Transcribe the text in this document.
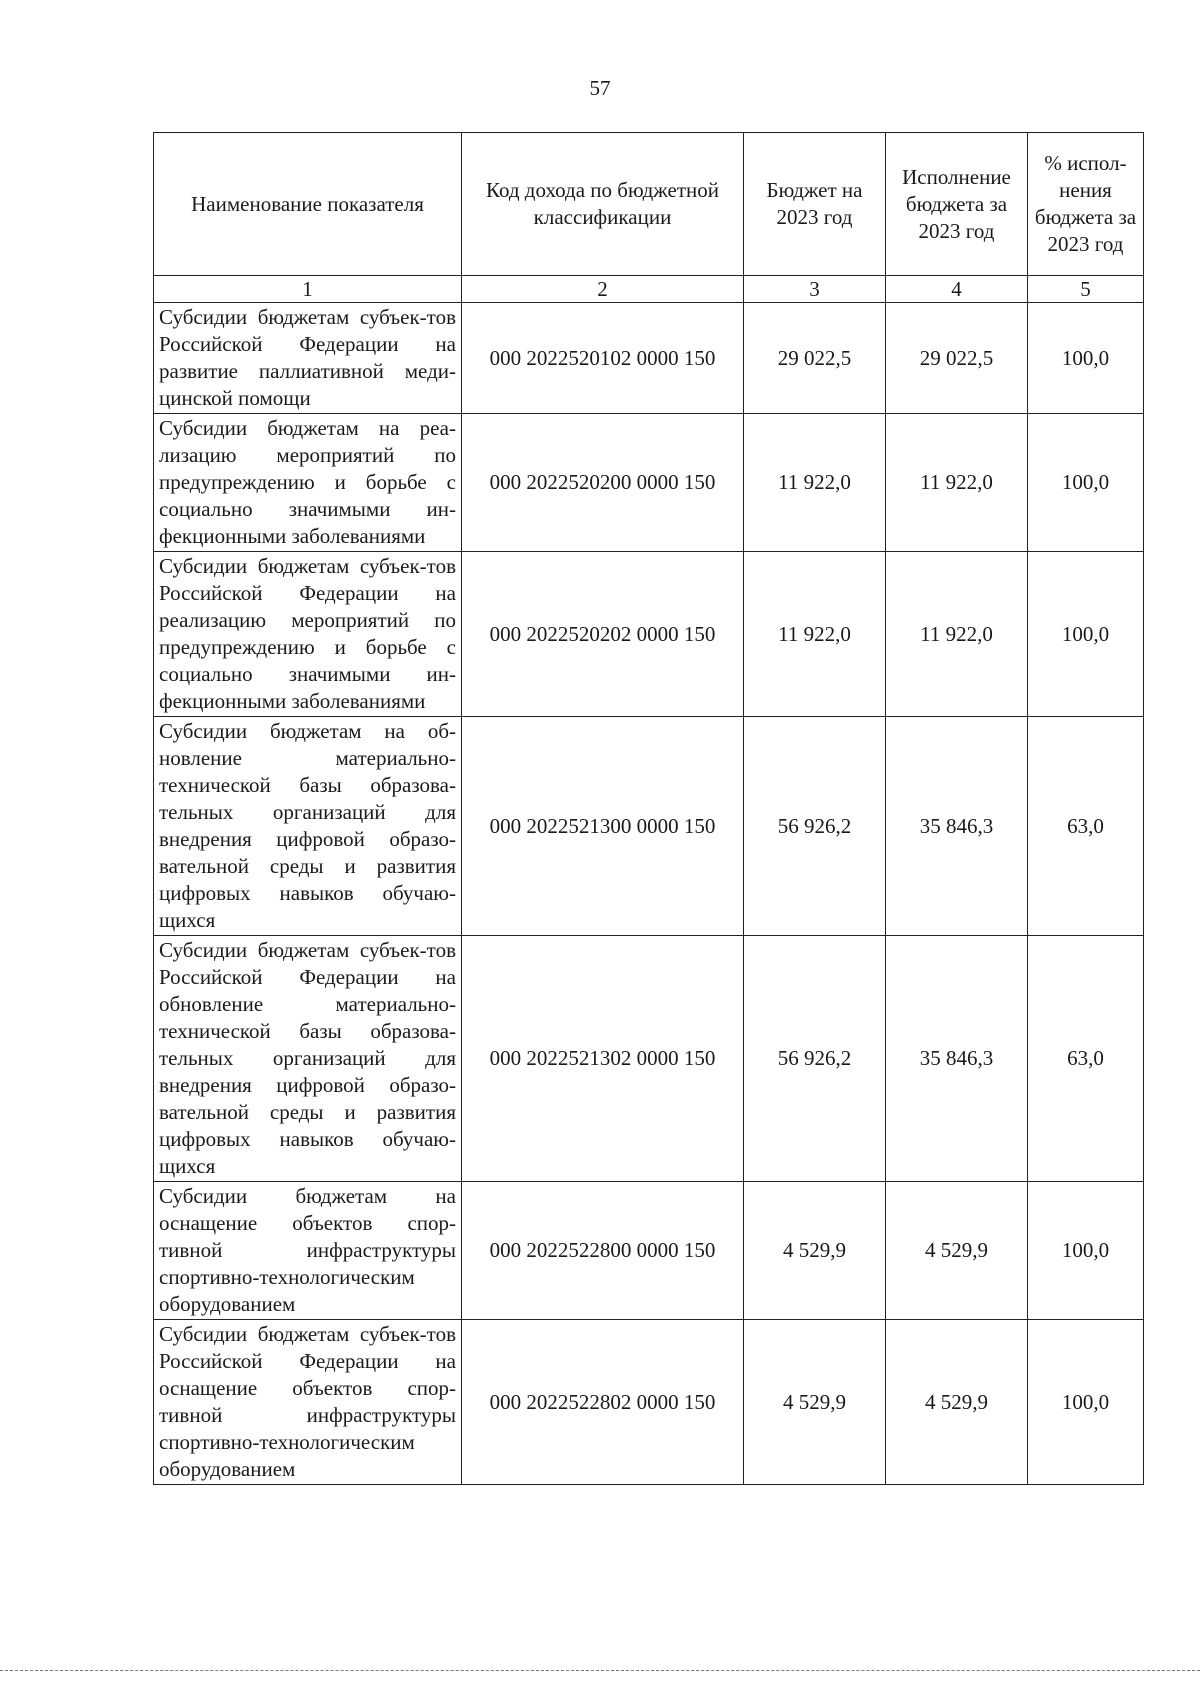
57
Наименование показателя	Код дохода по бюджетной классификации	Бюджет на 2023 год	Исполнение бюджета за 2023 год	% испол-нения бюджета за 2023 год
1	2	3	4	5
Субсидии бюджетам субъек-тов Российской Федерации на развитие паллиативной меди-цинской помощи	000 2022520102 0000 150	29 022,5	29 022,5	100,0
Субсидии бюджетам на реа-лизацию мероприятий по предупреждению и борьбе с социально значимыми ин-фекционными заболеваниями	000 2022520200 0000 150	11 922,0	11 922,0	100,0
Субсидии бюджетам субъек-тов Российской Федерации на реализацию мероприятий по предупреждению и борьбе с социально значимыми ин-фекционными заболеваниями	000 2022520202 0000 150	11 922,0	11 922,0	100,0
Субсидии бюджетам на об-новление материально-технической базы образова-тельных организаций для внедрения цифровой образо-вательной среды и развития цифровых навыков обучаю-щихся	000 2022521300 0000 150	56 926,2	35 846,3	63,0
Субсидии бюджетам субъек-тов Российской Федерации на обновление материально-технической базы образова-тельных организаций для внедрения цифровой образо-вательной среды и развития цифровых навыков обучаю-щихся	000 2022521302 0000 150	56 926,2	35 846,3	63,0
Субсидии бюджетам на оснащение объектов спор-тивной инфраструктуры спортивно-технологическим оборудованием	000 2022522800 0000 150	4 529,9	4 529,9	100,0
Субсидии бюджетам субъек-тов Российской Федерации на оснащение объектов спор-тивной инфраструктуры спортивно-технологическим оборудованием	000 2022522802 0000 150	4 529,9	4 529,9	100,0
